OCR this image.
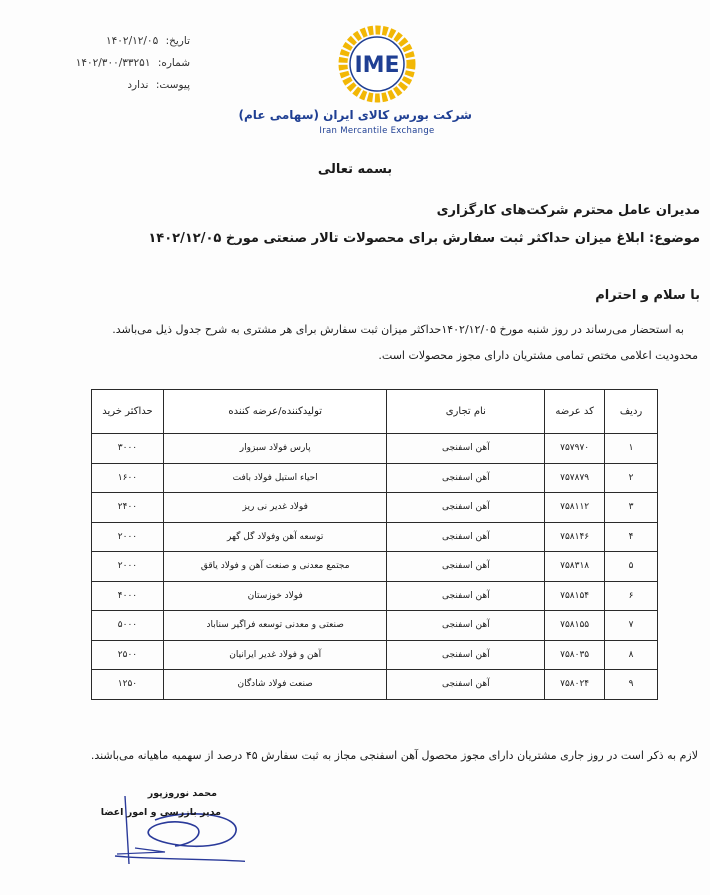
تاریخ: ۱۴۰۲/۱۲/۰۵
شماره: ۱۴۰۲/۳۰۰/۳۳۲۵۱
پیوست: ندارد
IME
شرکت بورس کالای ایران (سهامی عام)
Iran Mercantile Exchange
بسمه تعالی
مدیران عامل محترم شرکت‌های کارگزاری
موضوع: ابلاغ میزان حداکثر ثبت سفارش برای محصولات تالار صنعتی مورخ ۱۴۰۲/۱۲/۰۵
با سلام و احترام

به استحضار می‌رساند در روز شنبه مورخ ۱۴۰۲/۱۲/۰۵حداکثر میزان ثبت سفارش برای هر مشتری به شرح جدول ذیل می‌باشد.

محدودیت اعلامی مختص تمامی مشتریان دارای مجوز محصولات است.

ردیف	کد عرضه	نام تجاری	تولیدکننده/عرضه کننده	حداکثر خرید
۱	۷۵۷۹۷۰	آهن اسفنجی	پارس فولاد سبزوار	۳۰۰۰
۲	۷۵۷۸۷۹	آهن اسفنجی	احیاء استیل فولاد بافت	۱۶۰۰
۳	۷۵۸۱۱۲	آهن اسفنجی	فولاد غدیر نی ریز	۲۴۰۰
۴	۷۵۸۱۴۶	آهن اسفنجی	توسعه آهن وفولاد گل گهر	۲۰۰۰
۵	۷۵۸۳۱۸	آهن اسفنجی	مجتمع معدنی و صنعت آهن و فولاد یاقق	۲۰۰۰
۶	۷۵۸۱۵۴	آهن اسفنجی	فولاد خوزستان	۴۰۰۰
۷	۷۵۸۱۵۵	آهن اسفنجی	صنعتی و معدنی توسعه فراگیر سناباد	۵۰۰۰
۸	۷۵۸۰۳۵	آهن اسفنجی	آهن و فولاد غدیر ایرانیان	۲۵۰۰
۹	۷۵۸۰۲۴	آهن اسفنجی	صنعت فولاد شادگان	۱۲۵۰
لازم به ذکر است در روز جاری مشتریان دارای مجوز محصول آهن اسفنجی مجاز به ثبت سفارش ۴۵ درصد از سهمیه ماهیانه می‌باشند.
محمد نوروزپور
مدیر بازرسی و امور اعضا
